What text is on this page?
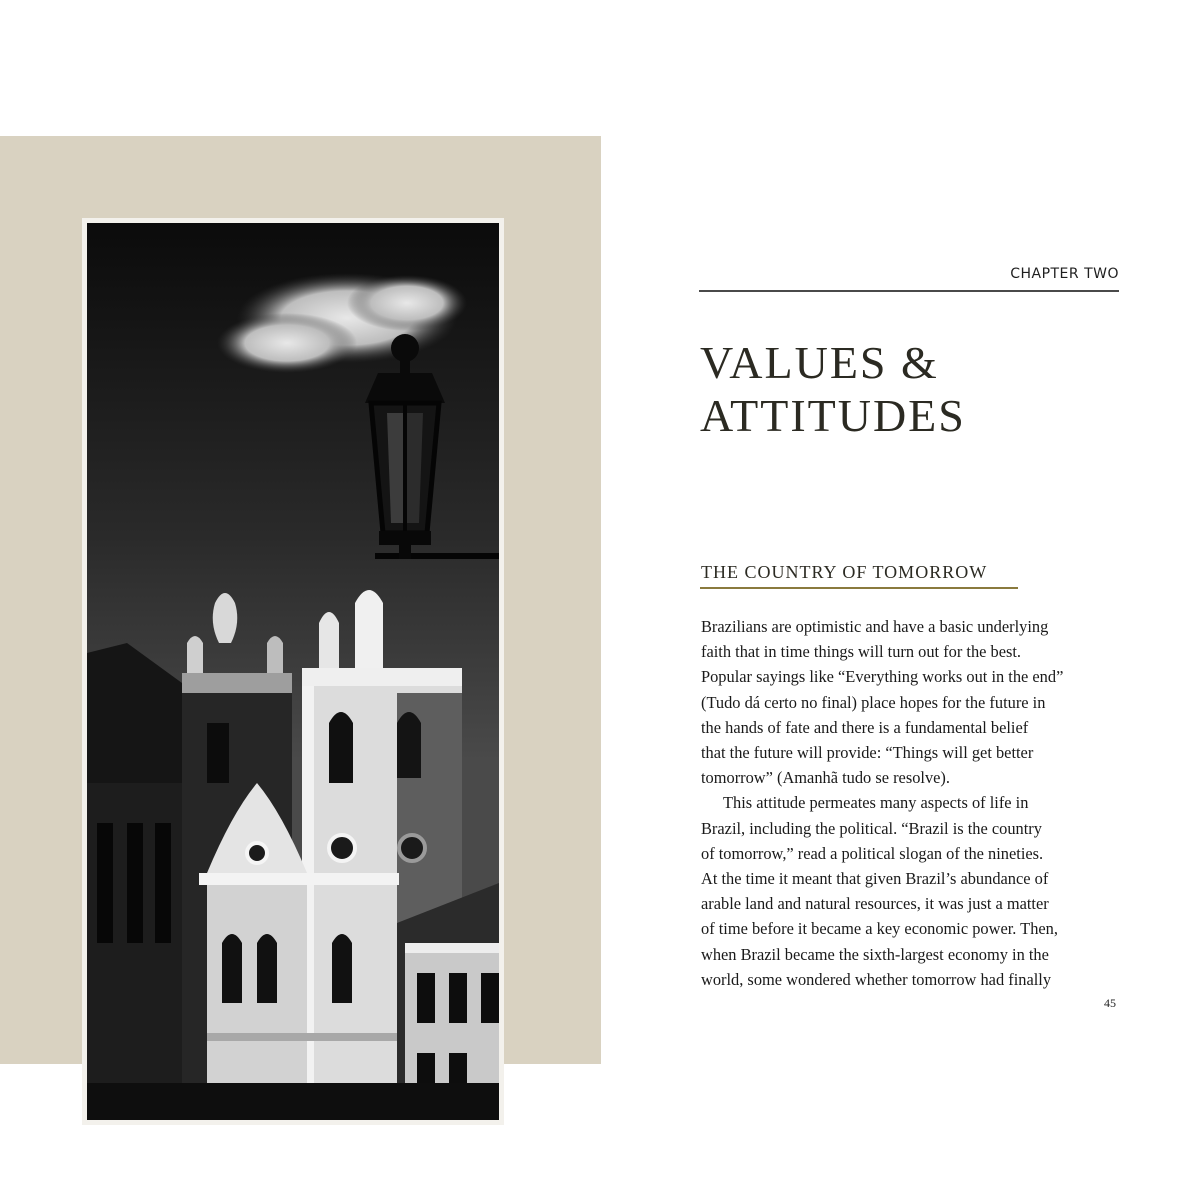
CHAPTER TWO
VALUES &
ATTITUDES
THE COUNTRY OF TOMORROW
Brazilians are optimistic and have a basic underlying
faith that in time things will turn out for the best.
Popular sayings like “Everything works out in the end”
(Tudo dá certo no final) place hopes for the future in
the hands of fate and there is a fundamental belief
that the future will provide: “Things will get better
tomorrow” (Amanhã tudo se resolve).
This attitude permeates many aspects of life in
Brazil, including the political. “Brazil is the country
of tomorrow,” read a political slogan of the nineties.
At the time it meant that given Brazil’s abundance of
arable land and natural resources, it was just a matter
of time before it became a key economic power. Then,
when Brazil became the sixth-largest economy in the
world, some wondered whether tomorrow had finally
45
